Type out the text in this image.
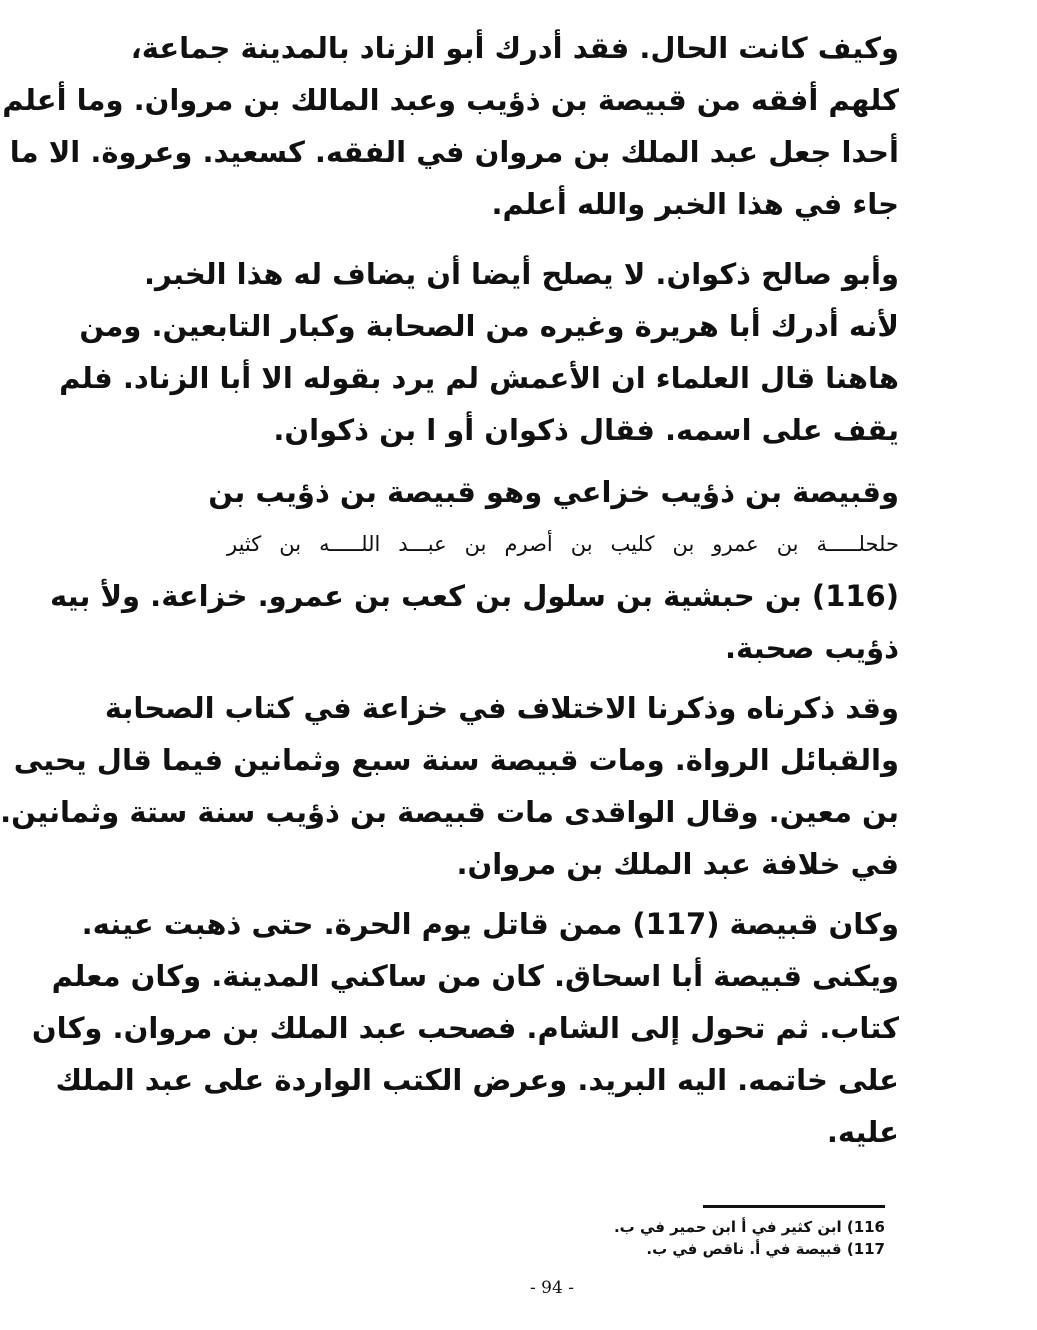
وكيف كانت الحال. فقد أدرك أبو الزناد بالمدينة جماعة،
كلهم أفقه من قبيصة بن ذؤيب وعبد المالك بن مروان. وما أعلم
أحدا جعل عبد الملك بن مروان في الفقه. كسعيد. وعروة. الا ما
جاء في هذا الخبر والله أعلم.
وأبو صالح ذكوان. لا يصلح أيضا أن يضاف له هذا الخبر.
لأنه أدرك أبا هريرة وغيره من الصحابة وكبار التابعين. ومن
هاهنا قال العلماء ان الأعمش لم يرد بقوله الا أبا الزناد. فلم
يقف على اسمه. فقال ذكوان أو ا بن ذكوان.
وقبيصة بن ذؤيب خزاعي وهو قبيصة بن ذؤيب بن
حلحلـــــة بن عمرو بن كليب بن أصرم بن عبـــد اللـــــه بن كثير
(116) بن حبشية بن سلول بن كعب بن عمرو. خزاعة. ولأ بيه
ذؤيب صحبة.
وقد ذكرناه وذكرنا الاختلاف في خزاعة في كتاب الصحابة
والقبائل الرواة. ومات قبيصة سنة سبع وثمانين فيما قال يحيى
بن معين. وقال الواقدى مات قبيصة بن ذؤيب سنة ستة وثمانين.
في خلافة عبد الملك بن مروان.
وكان قبيصة (117) ممن قاتل يوم الحرة. حتى ذهبت عينه.
ويكنى قبيصة أبا اسحاق. كان من ساكني المدينة. وكان معلم
كتاب. ثم تحول إلى الشام. فصحب عبد الملك بن مروان. وكان
على خاتمه. اليه البريد. وعرض الكتب الواردة على عبد الملك
عليه.
116) ابن كثير في أ ابن حمير في ب.
117) قبيصة في أ. ناقص في ب.
- 94 -
